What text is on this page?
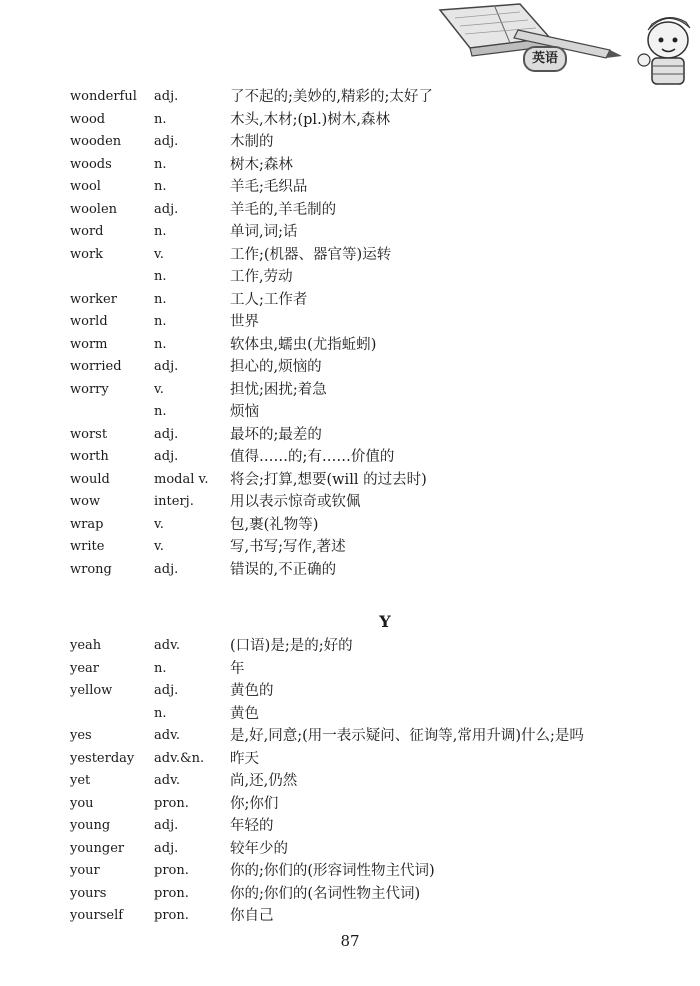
英语
wonderful adj.	了不起的;美妙的,精彩的;太好了
wood	n.	木头,木材;(pl.)树木,森林
wooden	adj.	木制的
woods	n.	树木;森林
wool	n.	羊毛;毛织品
woolen	adj.	羊毛的,羊毛制的
word	n.	单词,词;话
work	v.	工作;(机器、器官等)运转
n.	工作,劳动
worker	n.	工人;工作者
world	n.	世界
worm	n.	软体虫,蠕虫(尤指蚯蚓)
worried adj.	担心的,烦恼的
worry	v.	担忧;困扰;着急
n.	烦恼
worst	adj.	最坏的;最差的
worth	adj.	值得……的;有……价值的
would	modal v. 将会;打算,想要(will 的过去时)
wow	interj. 用以表示惊奇或钦佩
wrap	v.	包,裹(礼物等)
write	v.	写,书写;写作,著述
wrong	adj.	错误的,不正确的
Y
yeah	adv.	(口语)是;是的;好的
year	n.	年
yellow	adj.	黄色的
n.	黄色
yes	adv.	是,好,同意;(用一表示疑问、征询等,常用升调)什么;是吗
yesterday adv.&n. 昨天
yet	adv.	尚,还,仍然
you	pron.	你;你们
young	adj.	年轻的
younger adj.	较年少的
your	pron.	你的;你们的(形容词性物主代词)
yours	pron.	你的;你们的(名词性物主代词)
yourself pron.	你自己
87
